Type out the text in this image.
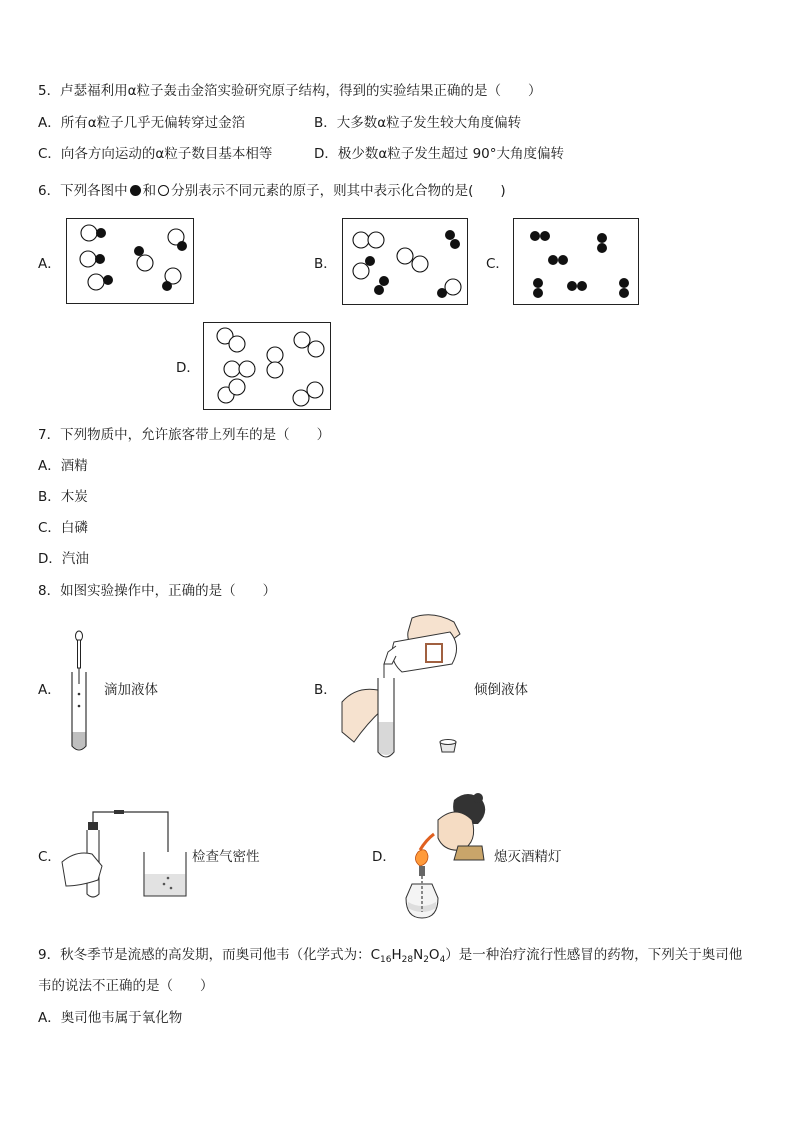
5．卢瑟福利用α粒子轰击金箔实验研究原子结构，得到的实验结果正确的是（　　）
A．所有α粒子几乎无偏转穿过金箔	B．大多数α粒子发生较大角度偏转
C．向各方向运动的α粒子数目基本相等	D．极少数α粒子发生超过 90°大角度偏转
6．下列各图中 和 分别表示不同元素的原子，则其中表示化合物的是(　　)
A．	B．	C．
D．
7．下列物质中，允许旅客带上列车的是（　　）
A．酒精
B．木炭
C．白磷
D．汽油
8．如图实验操作中，正确的是（　　）
A．	滴加液体	B．	倾倒液体
C．	检查气密性	D．	熄灭酒精灯
9．秋冬季节是流感的高发期，而奥司他韦（化学式为：$C_{16}H_{28}N_2O_4$）是一种治疗流行性感冒的药物，下列关于奥司他
韦的说法不正确的是（　　）
A．奥司他韦属于氧化物
